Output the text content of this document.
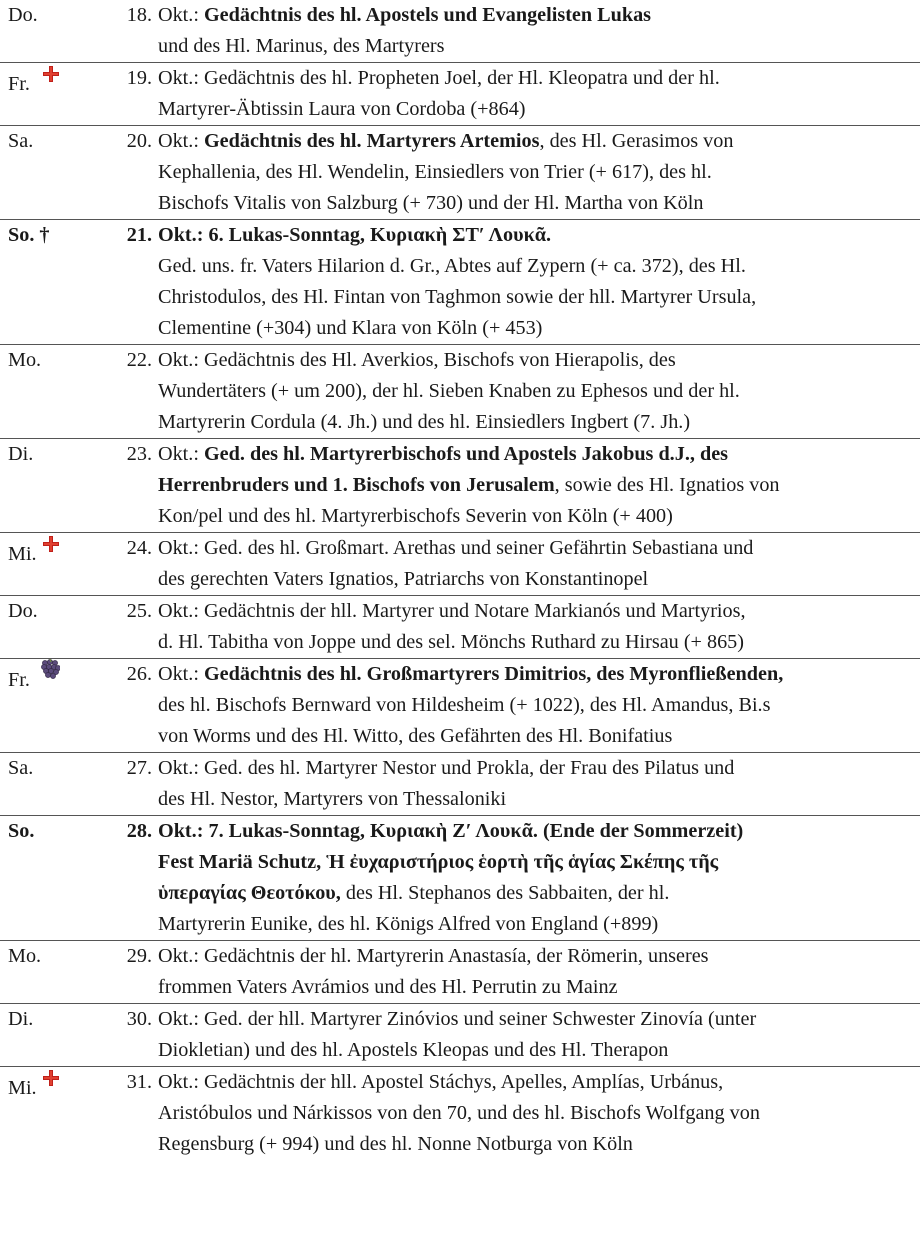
Do.	18. Okt.: Gedächtnis des hl. Apostels und Evangelisten Lukas
und des Hl. Marinus, des Martyrers
Fr.	19. Okt.: Gedächtnis des hl. Propheten Joel, der Hl. Kleopatra und der hl.
Martyrer-Äbtissin Laura von Cordoba (+864)
Sa.	20. Okt.: Gedächtnis des hl. Martyrers Artemios, des Hl. Gerasimos von
Kephallenia, des Hl. Wendelin, Einsiedlers von Trier (+ 617), des hl.
Bischofs Vitalis von Salzburg (+ 730) und der Hl. Martha von Köln
So. †	21. Okt.: 6. Lukas-Sonntag, Κυριακὴ ΣΤ′ Λουκᾶ.
Ged. uns. fr. Vaters Hilarion d. Gr., Abtes auf Zypern (+ ca. 372), des Hl.
Christodulos, des Hl. Fintan von Taghmon sowie der hll. Martyrer Ursula,
Clementine (+304) und Klara von Köln (+ 453)
Mo.	22. Okt.: Gedächtnis des Hl. Averkios, Bischofs von Hierapolis, des
Wundertäters (+ um 200), der hl. Sieben Knaben zu Ephesos und der hl.
Martyrerin Cordula (4. Jh.) und des hl. Einsiedlers Ingbert (7. Jh.)
Di.	23. Okt.: Ged. des hl. Martyrerbischofs und Apostels Jakobus d.J., des
Herrenbruders und 1. Bischofs von Jerusalem, sowie des Hl. Ignatios von
Kon/pel und des hl. Martyrerbischofs Severin von Köln (+ 400)
Mi.	24. Okt.: Ged. des hl. Großmart. Arethas und seiner Gefährtin Sebastiana und
des gerechten Vaters Ignatios, Patriarchs von Konstantinopel
Do.	25. Okt.: Gedächtnis der hll. Martyrer und Notare Markianós und Martyrios,
d. Hl. Tabitha von Joppe und des sel. Mönchs Ruthard zu Hirsau (+ 865)
Fr.	26. Okt.: Gedächtnis des hl. Großmartyrers Dimitrios, des Myronfließenden,
des hl. Bischofs Bernward von Hildesheim (+ 1022), des Hl. Amandus, Bi.s
von Worms und des Hl. Witto, des Gefährten des Hl. Bonifatius
Sa.	27. Okt.: Ged. des hl. Martyrer Nestor und Prokla, der Frau des Pilatus und
des Hl. Nestor, Martyrers von Thessaloniki
So.	28. Okt.: 7. Lukas-Sonntag, Κυριακὴ Ζ′ Λουκᾶ. (Ende der Sommerzeit)
Fest Mariä Schutz, Ἡ ἐυχαριστήριος ἑορτὴ τῆς ἁγίας Σκέπης τῆς
ὑπεραγίας Θεοτόκου, des Hl. Stephanos des Sabbaiten, der hl.
Martyrerin Eunike, des hl. Königs Alfred von England (+899)
Mo.	29. Okt.: Gedächtnis der hl. Martyrerin Anastasía, der Römerin, unseres
frommen Vaters Avrámios und des Hl. Perrutin zu Mainz
Di.	30. Okt.: Ged. der hll. Martyrer Zinóvios und seiner Schwester Zinovía (unter
Diokletian) und des hl. Apostels Kleopas und des Hl. Therapon
Mi.	31. Okt.: Gedächtnis der hll. Apostel Stáchys, Apelles, Amplías, Urbánus,
Aristóbulos und Nárkissos von den 70, und des hl. Bischofs Wolfgang von
Regensburg (+ 994) und des hl. Nonne Notburga von Köln
